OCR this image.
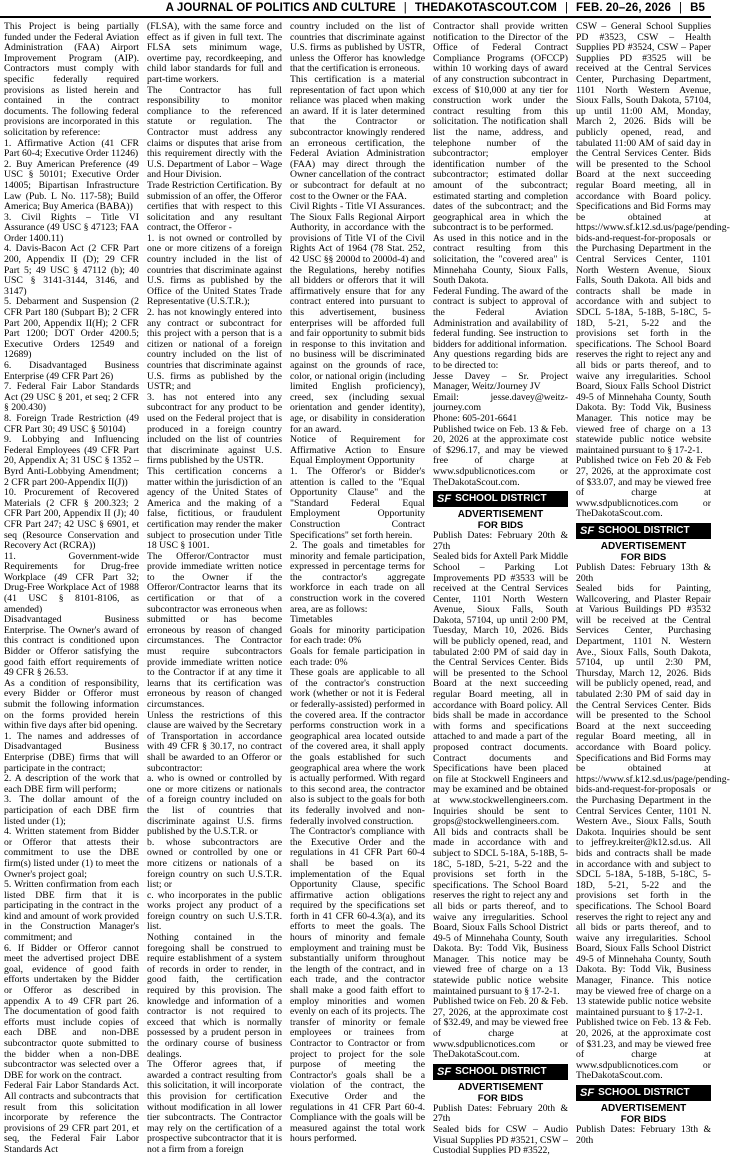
A JOURNAL OF POLITICS AND CULTURE | THEDAKOTASCOUT.COM | FEB. 20–26, 2026 | B5

This Project is being partially funded under the Federal Aviation Administration (FAA) Airport Improvement Program (AIP). Contractors must comply with specific federally required provisions as listed herein and contained in the contract documents. The following federal provisions are incorporated in this solicitation by reference:

1. Affirmative Action (41 CFR Part 60-4; Executive Order 11246)

2. Buy American Preference (49 USC § 50101; Executive Order 14005; Bipartisan Infrastructure Law (Pub. L No. 117-58); Build America; Buy America (BABA))

3. Civil Rights – Title VI Assurance (49 USC § 47123; FAA Order 1400.11)

4. Davis-Bacon Act (2 CFR Part 200, Appendix II (D); 29 CFR Part 5; 49 USC § 47112 (b); 40 USC § 3141-3144, 3146, and 3147)

5. Debarment and Suspension (2 CFR Part 180 (Subpart B); 2 CFR Part 200, Appendix II(H); 2 CFR Part 1200; DOT Order 4200.5; Executive Orders 12549 and 12689)

6. Disadvantaged Business Enterprise (49 CFR Part 26)

7. Federal Fair Labor Standards Act (29 USC § 201, et seq; 2 CFR § 200.430)

8. Foreign Trade Restriction (49 CFR Part 30; 49 USC § 50104)

9. Lobbying and Influencing Federal Employees (49 CFR Part 20, Appendix A; 31 USC § 1352 – Byrd Anti-Lobbying Amendment; 2 CFR part 200-Appendix II(J))

10. Procurement of Recovered Materials (2 CFR § 200.323; 2 CFR Part 200, Appendix II (J); 40 CFR Part 247; 42 USC § 6901, et seq (Resource Conservation and Recovery Act (RCRA))

11. Government-wide Requirements for Drug-free Workplace (49 CFR Part 32; Drug-Free Workplace Act of 1988 (41 USC § 8101-8106, as amended)

Disadvantaged Business Enterprise. The Owner's award of this contract is conditioned upon Bidder or Offeror satisfying the good faith effort requirements of 49 CFR § 26.53.

As a condition of responsibility, every Bidder or Offeror must submit the following information on the forms provided herein within five days after bid opening.

1. The names and addresses of Disadvantaged Business Enterprise (DBE) firms that will participate in the contract;

2. A description of the work that each DBE firm will perform;

3. The dollar amount of the participation of each DBE firm listed under (1);

4. Written statement from Bidder or Offeror that attests their commitment to use the DBE firm(s) listed under (1) to meet the Owner's project goal;

5. Written confirmation from each listed DBE firm that it is participating in the contract in the kind and amount of work provided in the Construction Manager's commitment; and

6. If Bidder or Offeror cannot meet the advertised project DBE goal, evidence of good faith efforts undertaken by the Bidder or Offeror as described in appendix A to 49 CFR part 26. The documentation of good faith efforts must include copies of each DBE and non-DBE subcontractor quote submitted to the bidder when a non-DBE subcontractor was selected over a DBE for work on the contract.

Federal Fair Labor Standards Act. All contracts and subcontracts that result from this solicitation incorporate by reference the provisions of 29 CFR part 201, et seq, the Federal Fair Labor Standards Act

(FLSA), with the same force and effect as if given in full text. The FLSA sets minimum wage, overtime pay, recordkeeping, and child labor standards for full and part-time workers.

The Contractor has full responsibility to monitor compliance to the referenced statute or regulation. The Contractor must address any claims or disputes that arise from this requirement directly with the U.S. Department of Labor – Wage and Hour Division.

Trade Restriction Certification. By submission of an offer, the Offeror certifies that with respect to this solicitation and any resultant contract, the Offeror -

1. is not owned or controlled by one or more citizens of a foreign country included in the list of countries that discriminate against U.S. firms as published by the Office of the United States Trade Representative (U.S.T.R.);

2. has not knowingly entered into any contract or subcontract for this project with a person that is a citizen or national of a foreign country included on the list of countries that discriminate against U.S. firms as published by the USTR; and

3. has not entered into any subcontract for any product to be used on the Federal project that is produced in a foreign country included on the list of countries that discriminate against U.S. firms published by the USTR.

This certification concerns a matter within the jurisdiction of an agency of the United States of America and the making of a false, fictitious, or fraudulent certification may render the maker subject to prosecution under Title 18 USC § 1001.

The Offeror/Contractor must provide immediate written notice to the Owner if the Offeror/Contractor learns that its certification or that of a subcontractor was erroneous when submitted or has become erroneous by reason of changed circumstances. The Contractor must require subcontractors provide immediate written notice to the Contractor if at any time it learns that its certification was erroneous by reason of changed circumstances.

Unless the restrictions of this clause are waived by the Secretary of Transportation in accordance with 49 CFR § 30.17, no contract shall be awarded to an Offeror or subcontractor:

a. who is owned or controlled by one or more citizens or nationals of a foreign country included on the list of countries that discriminate against U.S. firms published by the U.S.T.R. or

b. whose subcontractors are owned or controlled by one or more citizens or nationals of a foreign country on such U.S.T.R. list; or

c. who incorporates in the public works project any product of a foreign country on such U.S.T.R. list.

Nothing contained in the foregoing shall be construed to require establishment of a system of records in order to render, in good faith, the certification required by this provision. The knowledge and information of a contractor is not required to exceed that which is normally possessed by a prudent person in the ordinary course of business dealings.

The Offeror agrees that, if awarded a contract resulting from this solicitation, it will incorporate this provision for certification without modification in all lower tier subcontracts. The Contractor may rely on the certification of a prospective subcontractor that it is not a firm from a foreign

country included on the list of countries that discriminate against U.S. firms as published by USTR, unless the Offeror has knowledge that the certification is erroneous.

This certification is a material representation of fact upon which reliance was placed when making an award. If it is later determined that the Contractor or subcontractor knowingly rendered an erroneous certification, the Federal Aviation Administration (FAA) may direct through the Owner cancellation of the contract or subcontract for default at no cost to the Owner or the FAA.

Civil Rights - Title VI Assurances. The Sioux Falls Regional Airport Authority, in accordance with the provisions of Title VI of the Civil Rights Act of 1964 (78 Stat. 252, 42 USC §§ 2000d to 2000d-4) and the Regulations, hereby notifies all bidders or offerors that it will affirmatively ensure that for any contract entered into pursuant to this advertisement, business enterprises will be afforded full and fair opportunity to submit bids in response to this invitation and no business will be discriminated against on the grounds of race, color, or national origin (including limited English proficiency), creed, sex (including sexual orientation and gender identity), age, or disability in consideration for an award.

Notice of Requirement for Affirmative Action to Ensure Equal Employment Opportunity

1. The Offeror's or Bidder's attention is called to the "Equal Opportunity Clause" and the "Standard Federal Equal Employment Opportunity Construction Contract Specifications" set forth herein.

2. The goals and timetables for minority and female participation, expressed in percentage terms for the contractor's aggregate workforce in each trade on all construction work in the covered area, are as follows:

Timetables

Goals for minority participation for each trade: 0%

Goals for female participation in each trade: 0%

These goals are applicable to all of the contractor's construction work (whether or not it is Federal or federally-assisted) performed in the covered area. If the contractor performs construction work in a geographical area located outside of the covered area, it shall apply the goals established for such geographical area where the work is actually performed. With regard to this second area, the contractor also is subject to the goals for both its federally involved and non-federally involved construction.

The Contractor's compliance with the Executive Order and the regulations in 41 CFR Part 60-4 shall be based on its implementation of the Equal Opportunity Clause, specific affirmative action obligations required by the specifications set forth in 41 CFR 60-4.3(a), and its efforts to meet the goals. The hours of minority and female employment and training must be substantially uniform throughout the length of the contract, and in each trade, and the contractor shall make a good faith effort to employ minorities and women evenly on each of its projects. The transfer of minority or female employees or trainees from Contractor to Contractor or from project to project for the sole purpose of meeting the Contractor's goals shall be a violation of the contract, the Executive Order and the regulations in 41 CFR Part 60-4. Compliance with the goals will be measured against the total work hours performed.

Contractor shall provide written notification to the Director of the Office of Federal Contract Compliance Programs (OFCCP) within 10 working days of award of any construction subcontract in excess of $10,000 at any tier for construction work under the contract resulting from this solicitation. The notification shall list the name, address, and telephone number of the subcontractor; employer identification number of the subcontractor; estimated dollar amount of the subcontract; estimated starting and completion dates of the subcontract; and the geographical area in which the subcontract is to be performed.

As used in this notice and in the contract resulting from this solicitation, the "covered area" is Minnehaha County, Sioux Falls, South Dakota.

Federal Funding. The award of the contract is subject to approval of the Federal Aviation Administration and availability of federal funding. See instruction to bidders for additional information.

Any questions regarding bids are to be directed to:

Jesse Davey – Sr. Project Manager, Weitz/Journey JV

Email: jesse.davey@weitz-journey.com

Phone: 605-201-6641

Published twice on Feb. 13 & Feb. 20, 2026 at the approximate cost of $296.17, and may be viewed free of charge at www.sdpublicnotices.com or TheDakotaScout.com.

SF SCHOOL DISTRICT
ADVERTISEMENT
FOR BIDS

Publish Dates: February 20th & 27th

Sealed bids for Axtell Park Middle School – Parking Lot Improvements PD #3533 will be received at the Central Services Center, 1101 North Western Avenue, Sioux Falls, South Dakota, 57104, up until 2:00 PM, Tuesday, March 10, 2026. Bids will be publicly opened, read, and tabulated 2:00 PM of said day in the Central Services Center. Bids will be presented to the School Board at the next succeeding regular Board meeting, all in accordance with Board policy. All bids shall be made in accordance with forms and specifications attached to and made a part of the proposed contract documents. Contract documents and Specifications have been placed on file at Stockwell Engineers and may be examined and be obtained at www.stockwellengineers.com. Inquiries should be sent to grops@stockwellengineers.com. All bids and contracts shall be made in accordance with and subject to SDCL 5-18A, 5-18B, 5-18C, 5-18D, 5-21, 5-22 and the provisions set forth in the specifications. The School Board reserves the right to reject any and all bids or parts thereof, and to waive any irregularities. School Board, Sioux Falls School District 49-5 of Minnehaha County, South Dakota. By: Todd Vik, Business Manager. This notice may be viewed free of charge on a 13 statewide public notice website maintained pursuant to § 17-2-1.

Published twice on Feb. 20 & Feb. 27, 2026, at the approximate cost of $32.49, and may be viewed free of charge at www.sdpublicnotices.com or TheDakotaScout.com.

SF SCHOOL DISTRICT
ADVERTISEMENT
FOR BIDS

Publish Dates: February 20th & 27th

Sealed bids for CSW – Audio Visual Supplies PD #3521, CSW – Custodial Supplies PD #3522,

CSW – General School Supplies PD #3523, CSW – Health Supplies PD #3524, CSW – Paper Supplies PD #3525 will be received at the Central Services Center, Purchasing Department, 1101 North Western Avenue, Sioux Falls, South Dakota, 57104, up until 11:00 AM, Monday, March 2, 2026. Bids will be publicly opened, read, and tabulated 11:00 AM of said day in the Central Services Center. Bids will be presented to the School Board at the next succeeding regular Board meeting, all in accordance with Board policy. Specifications and Bid Forms may be obtained at https://www.sf.k12.sd.us/page/pending-bids-and-request-for-proposals or the Purchasing Department in the Central Services Center, 1101 North Western Avenue, Sioux Falls, South Dakota. All bids and contracts shall be made in accordance with and subject to SDCL 5-18A, 5-18B, 5-18C, 5-18D, 5-21, 5-22 and the provisions set forth in the specifications. The School Board reserves the right to reject any and all bids or parts thereof, and to waive any irregularities. School Board, Sioux Falls School District 49-5 of Minnehaha County, South Dakota. By: Todd Vik, Business Manager. This notice may be viewed free of charge on a 13 statewide public notice website maintained pursuant to § 17-2-1.

Published twice on Feb 20 & Feb 27, 2026, at the approximate cost of $33.07, and may be viewed free of charge at www.sdpublicnotices.com or TheDakotaScout.com.

SF SCHOOL DISTRICT
ADVERTISEMENT
FOR BIDS

Publish Dates: February 13th & 20th

Sealed bids for Painting, Wallcovering, and Plaster Repair at Various Buildings PD #3532 will be received at the Central Services Center, Purchasing Department, 1101 N. Western Ave., Sioux Falls, South Dakota, 57104, up until 2:30 PM, Thursday, March 12, 2026. Bids will be publicly opened, read, and tabulated 2:30 PM of said day in the Central Services Center. Bids will be presented to the School Board at the next succeeding regular Board meeting, all in accordance with Board policy. Specifications and Bid Forms may be obtained at https://www.sf.k12.sd.us/page/pending-bids-and-request-for-proposals or the Purchasing Department in the Central Services Center, 1101 N. Western Ave., Sioux Falls, South Dakota. Inquiries should be sent to jeffrey.kreiter@k12.sd.us. All bids and contracts shall be made in accordance with and subject to SDCL 5-18A, 5-18B, 5-18C, 5-18D, 5-21, 5-22 and the provisions set forth in the specifications. The School Board reserves the right to reject any and all bids or parts thereof, and to waive any irregularities. School Board, Sioux Falls School District 49-5 of Minnehaha County, South Dakota. By: Todd Vik, Business Manager, Finance. This notice may be viewed free of charge on a 13 statewide public notice website maintained pursuant to § 17-2-1.

Published twice on Feb. 13 & Feb. 20, 2026, at the approximate cost of $31.23, and may be viewed free of charge at www.sdpublicnotices.com or TheDakotaScout.com.

SF SCHOOL DISTRICT
ADVERTISEMENT
FOR BIDS

Publish Dates: February 13th & 20th
